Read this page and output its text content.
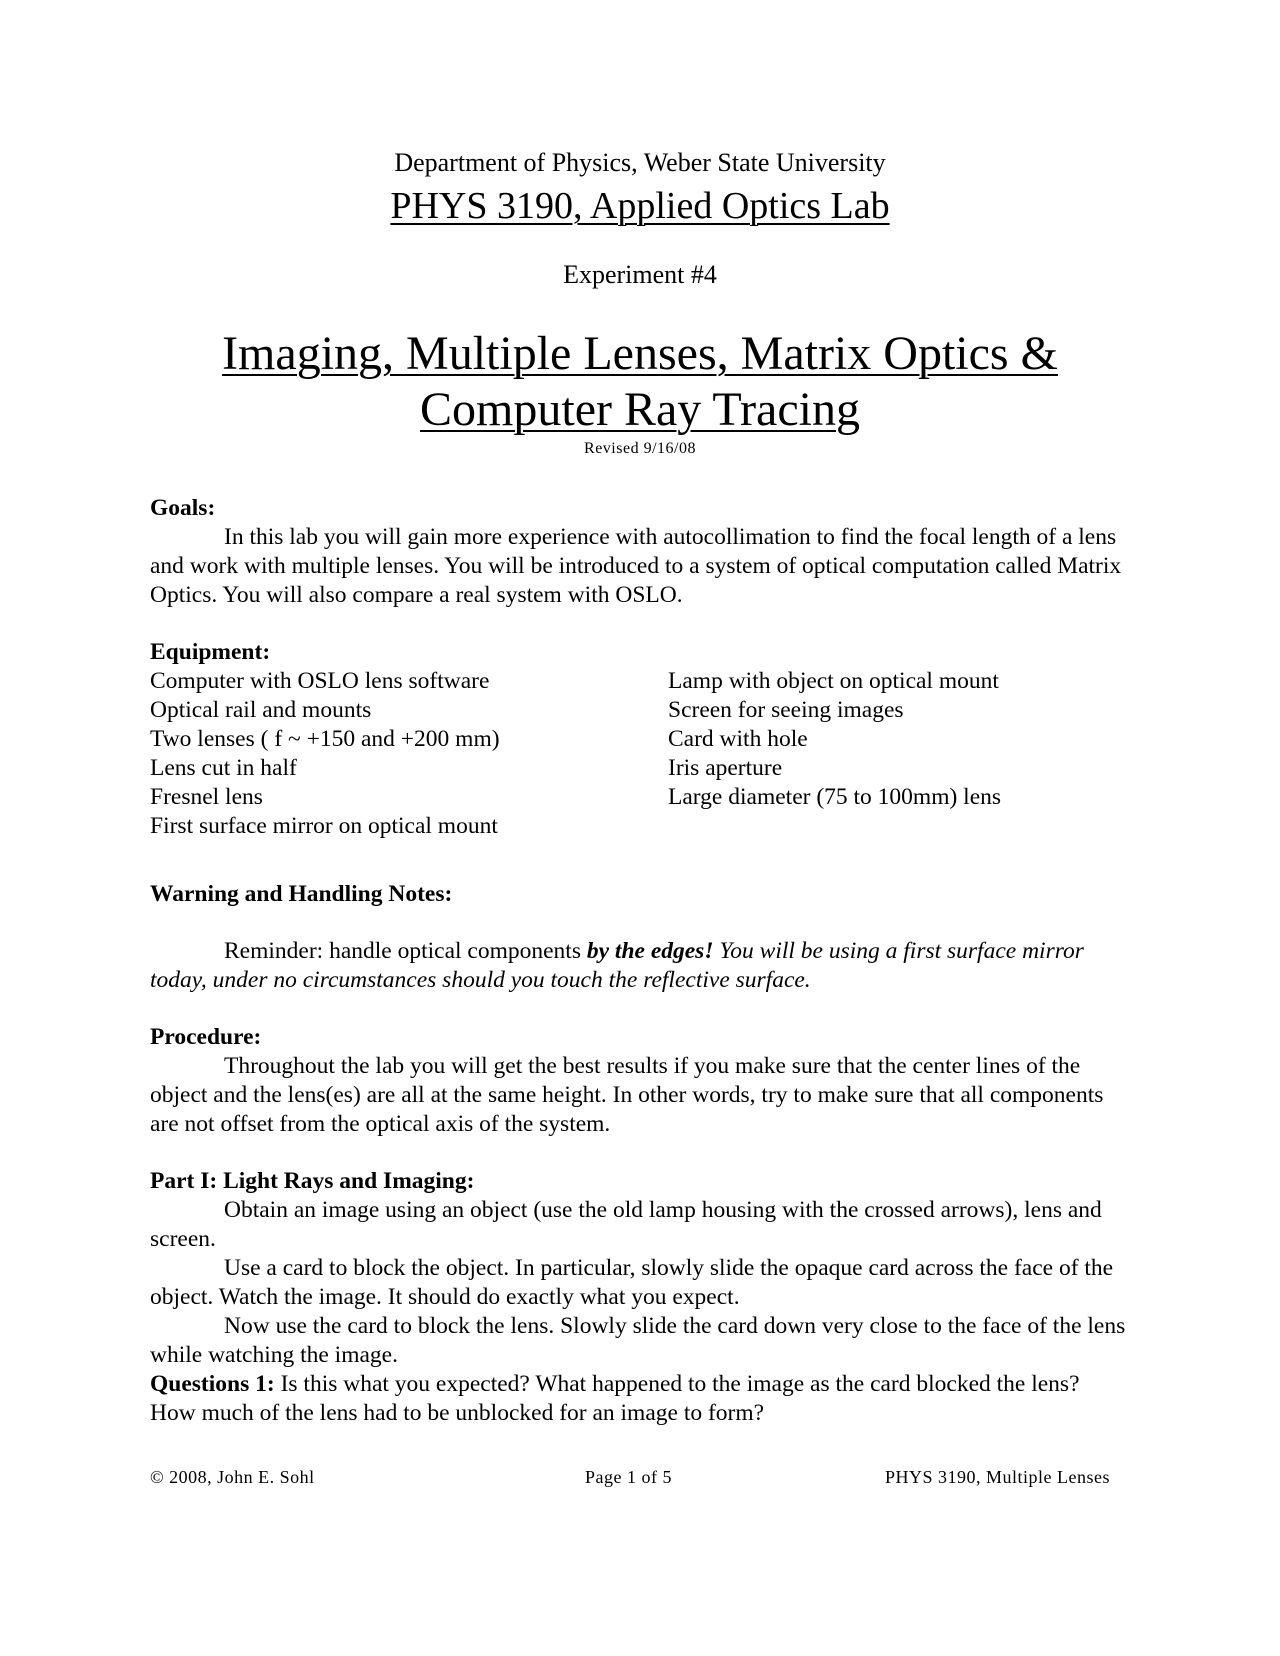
Department of Physics, Weber State University
PHYS 3190, Applied Optics Lab
Experiment #4
Imaging, Multiple Lenses, Matrix Optics &
Computer Ray Tracing
Revised 9/16/08
Goals:

In this lab you will gain more experience with autocollimation to find the focal length of a lens and work with multiple lenses. You will be introduced to a system of optical computation called Matrix Optics. You will also compare a real system with OSLO.

Equipment:
Computer with OSLO lens software
Optical rail and mounts
Two lenses ( f ~ +150 and +200 mm)
Lens cut in half
Fresnel lens
First surface mirror on optical mount
Lamp with object on optical mount
Screen for seeing images
Card with hole
Iris aperture
Large diameter (75 to 100mm) lens
Warning and Handling Notes:

Reminder: handle optical components by the edges! You will be using a first surface mirror today, under no circumstances should you touch the reflective surface.

Procedure:

Throughout the lab you will get the best results if you make sure that the center lines of the object and the lens(es) are all at the same height. In other words, try to make sure that all components are not offset from the optical axis of the system.

Part I: Light Rays and Imaging:

Obtain an image using an object (use the old lamp housing with the crossed arrows), lens and screen.

Use a card to block the object. In particular, slowly slide the opaque card across the face of the object. Watch the image. It should do exactly what you expect.

Now use the card to block the lens. Slowly slide the card down very close to the face of the lens while watching the image.

Questions 1: Is this what you expected? What happened to the image as the card blocked the lens? How much of the lens had to be unblocked for an image to form?

© 2008, John E. Sohl	Page 1 of 5	PHYS 3190, Multiple Lenses
